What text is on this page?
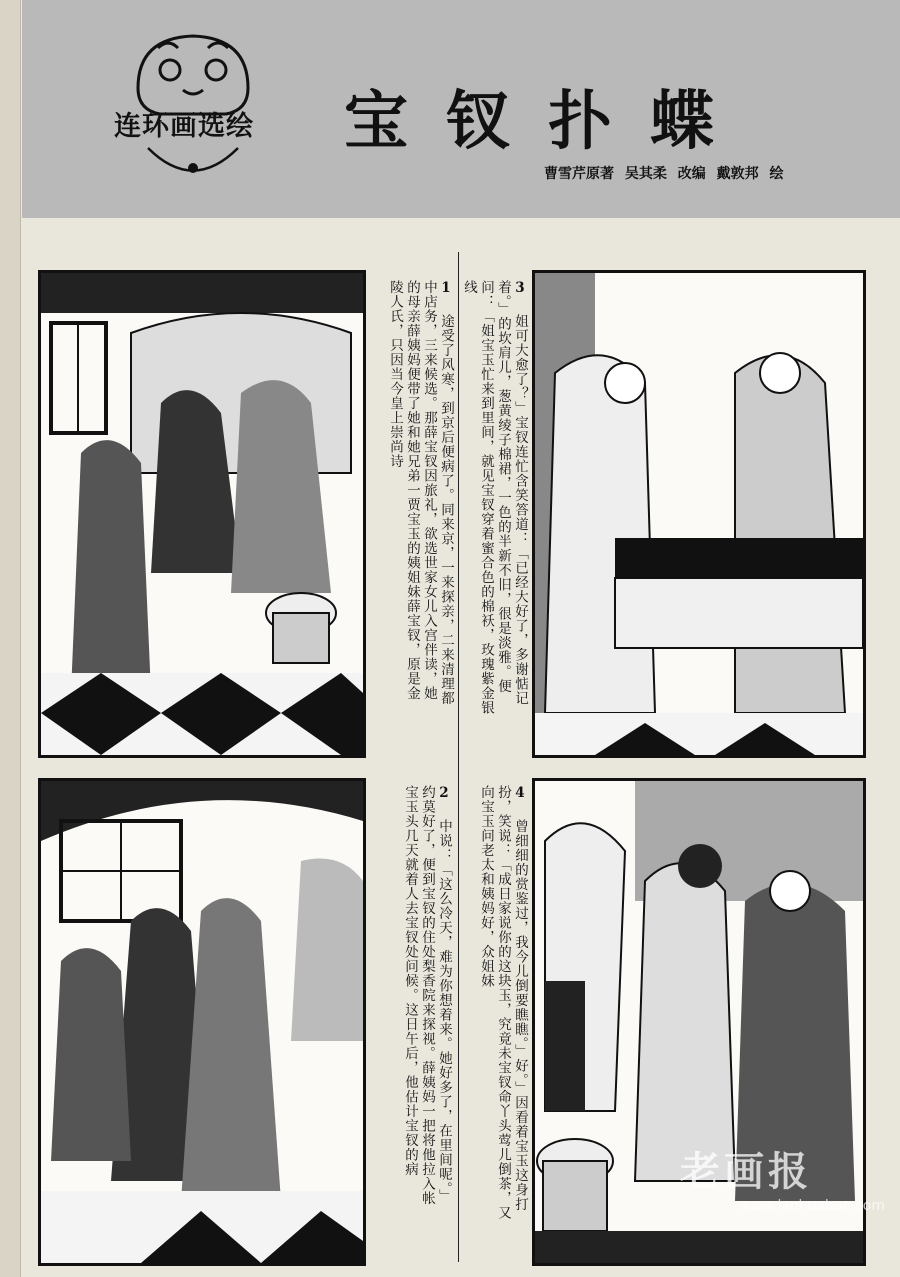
连环画选绘 宝钗扑蝶
曹雪芹原著 吴其柔 改编 戴敦邦 绘
1 途受了风寒，到京后便病了。同来京，一来探亲，二来清理都中店务，三来候选。那薛宝钗因旅礼，欲选世家女儿入宫伴读，她的母亲薛姨妈便带了她和她兄弟一贾宝玉的姨姐妹薛宝钗，原是金陵人氏，只因当今皇上崇尚诗
2 中说：「这么冷天，难为你想着来。她好多了，在里间呢。」约莫好了，便到宝钗的住处梨香院来探视。薛姨妈一把将他拉入帐宝玉头几天就着人去宝钗处问候。这日午后，他估计宝钗的病
3 姐可大愈了？」宝钗连忙含笑答道：「已经大好了，多谢惦记着。」的坎肩儿，葱黄绫子棉裙，一色的半新不旧，很是淡雅。便问：「姐宝玉忙来到里间，就见宝钗穿着蜜合色的棉袄，玫瑰紫金银线
4 曾细细的赏鉴过，我今儿倒要瞧瞧。」好。」因看着宝玉这身打扮，笑说：「成日家说你的这块玉，究竟未宝钗命丫头莺儿倒茶，又向宝玉问老太和姨妈好，众姐妹
老画报
www.laohuabao.com
